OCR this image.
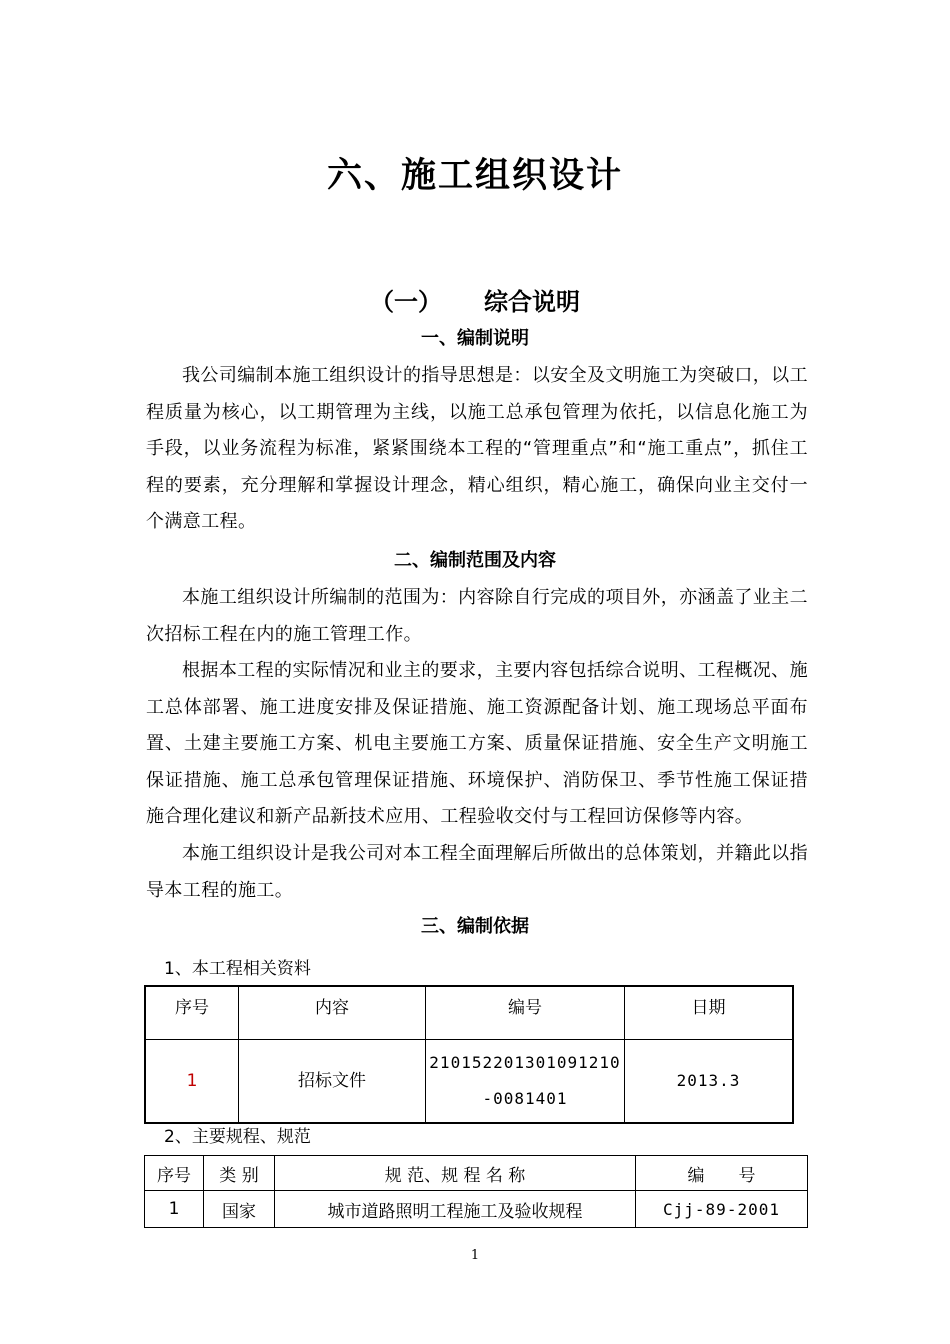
六、施工组织设计
（一） 综合说明
一、编制说明

我公司编制本施工组织设计的指导思想是：以安全及文明施工为突破口，以工程质量为核心，以工期管理为主线，以施工总承包管理为依托，以信息化施工为手段，以业务流程为标准，紧紧围绕本工程的“管理重点”和“施工重点”，抓住工程的要素，充分理解和掌握设计理念，精心组织，精心施工，确保向业主交付一个满意工程。

二、编制范围及内容

本施工组织设计所编制的范围为：内容除自行完成的项目外，亦涵盖了业主二次招标工程在内的施工管理工作。

根据本工程的实际情况和业主的要求，主要内容包括综合说明、工程概况、施工总体部署、施工进度安排及保证措施、施工资源配备计划、施工现场总平面布置、土建主要施工方案、机电主要施工方案、质量保证措施、安全生产文明施工保证措施、施工总承包管理保证措施、环境保护、消防保卫、季节性施工保证措施合理化建议和新产品新技术应用、工程验收交付与工程回访保修等内容。

本施工组织设计是我公司对本工程全面理解后所做出的总体策划，并籍此以指导本工程的施工。

三、编制依据

1、本工程相关资料

序号	内容	编号	日期
1	招标文件	210152201301091210
-0081401	2013.3

2、主要规程、规范

序号	类 别	规 范、规 程 名 称	编　　号
1	国家	城市道路照明工程施工及验收规程	Cjj-89-2001
1
